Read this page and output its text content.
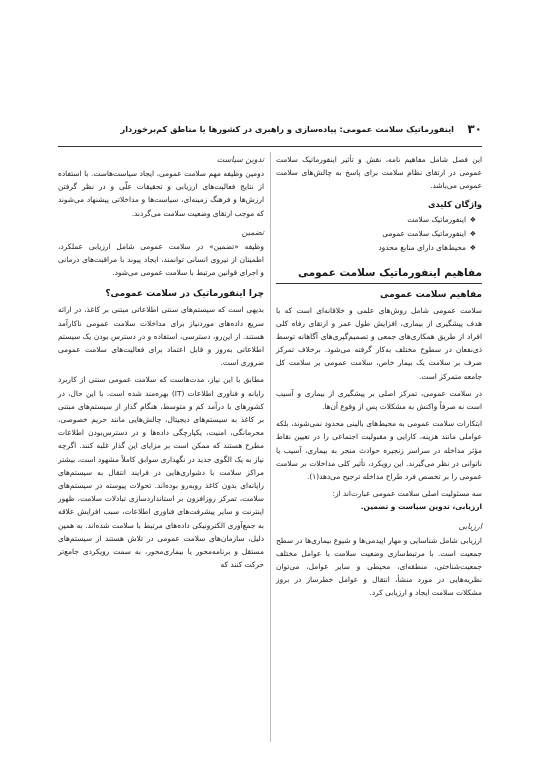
۳۰
اینفورماتیک سلامت عمومی: پیاده‌سازی و راهبری در کشورها یا مناطق کم‌برخوردار

این فصل شامل مفاهیم نامه، نقش و تأثیر اینفورماتیک سلامت عمومی در ارتقای نظام سلامت برای پاسخ به چالش‌های سلامت عمومی می‌باشد.

واژگان کلیدی
❖
اینفورماتیک سلامت
❖
اینفورماتیک سلامت عمومی
❖
محیط‌های دارای منابع محدود
مفاهیم اینفورماتیک سلامت عمومی
مفاهیم سلامت عمومی

سلامت عمومی شامل روش‌های علمی و خلاقانه‌ای است که با هدف پیشگیری از بیماری، افزایش طول عمر و ارتقای رفاه کلی افراد از طریق همکاری‌های جمعی و تصمیم‌گیری‌های آگاهانه توسط ذی‌نفعان در سطوح مختلف به‌کار گرفته می‌شود. برخلاف تمرکز صرف بر سلامت یک بیمار خاص، سلامت عمومی بر سلامت کل جامعه متمرکز است.

در سلامت عمومی، تمرکز اصلی بر پیشگیری از بیماری و آسیب است نه صرفاً واکنش به مشکلات پس از وقوع آن‌ها.

ابتکارات سلامت عمومی به محیط‌های بالینی محدود نمی‌شوند، بلکه عواملی مانند هزینه، کارایی و مقبولیت اجتماعی را در تعیین نقاط مؤثر مداخله در سراسر زنجیره حوادث منجر به بیماری، آسیب یا ناتوانی در نظر می‌گیرند. این رویکرد، تأثیر کلی مداخلات بر سلامت عمومی را بر تخصص فرد طراح مداخله ترجیح می‌دهد(۱).

سه مسئولیت اصلی سلامت عمومی عبارت‌اند از:

ارزیابی، تدوین سیاست و تضمین.

ارزیابی

ارزیابی شامل شناسایی و مهار اپیدمی‌ها و شیوع بیماری‌ها در سطح جمعیت است. با مرتبط‌سازی وضعیت سلامت با عوامل مختلف جمعیت‌شناختی، منطقه‌ای، محیطی و سایر عوامل، می‌توان نظریه‌هایی در مورد منشأ، انتقال و عوامل خطرساز در بروز مشکلات سلامت ایجاد و ارزیابی کرد.

تدوین سیاست

دومین وظیفه مهم سلامت عمومی، ایجاد سیاست‌هاست. با استفاده از نتایج فعالیت‌های ارزیابی و تحقیقات علّی و در نظر گرفتن ارزش‌ها و فرهنگ زمینه‌ای، سیاست‌ها و مداخلاتی پیشنهاد می‌شوند که موجب ارتقای وضعیت سلامت می‌گردند.

تضمین

وظیفه «تضمین» در سلامت عمومی شامل ارزیابی عملکرد، اطمینان از نیروی انسانی توانمند، ایجاد پیوند با مراقبت‌های درمانی و اجرای قوانین مرتبط با سلامت عمومی می‌شود.

چرا اینفورماتیک در سلامت عمومی؟

بدیهی است که سیستم‌های سنتی اطلاعاتی مبتنی بر کاغذ، در ارائه سریع داده‌های موردنیاز برای مداخلات سلامت عمومی ناکارآمد هستند. از این‌رو، دسترسی، استفاده و در دسترس بودن یک سیستم اطلاعاتی به‌روز و قابل اعتماد برای فعالیت‌های سلامت عمومی ضروری است.

مطابق با این نیاز، مدت‌هاست که سلامت عمومی سنتی از کاربرد رایانه و فناوری اطلاعات (IT) بهره‌مند شده است. با این حال، در کشورهای با درآمد کم و متوسط، هنگام گذار از سیستم‌های مبتنی بر کاغذ به سیستم‌های دیجیتال، چالش‌هایی مانند حریم خصوصی، محرمانگی، امنیت، یکپارچگی داده‌ها و در دسترس‌بودن اطلاعات مطرح هستند که ممکن است بر مزایای این گذار غلبه کنند. اگرچه نیاز به یک الگوی جدید در نگهداری سوابق کاملاً مشهود است، بیشتر مراکز سلامت با دشواری‌هایی در فرایند انتقال به سیستم‌های رایانه‌ای بدون کاغذ روبه‌رو بوده‌اند. تحولات پیوسته در سیستم‌های سلامت، تمرکز روزافزون بر استانداردسازی تبادلات سلامت، ظهور اینترنت و سایر پیشرفت‌های فناوری اطلاعات، سبب افزایش علاقه به جمع‌آوری الکترونیکی داده‌های مرتبط با سلامت شده‌اند. به همین دلیل، سازمان‌های سلامت عمومی در تلاش هستند از سیستم‌های مستقل و برنامه‌محور یا بیماری‌محور، به سمت رویکردی جامع‌تر حرکت کنند که
